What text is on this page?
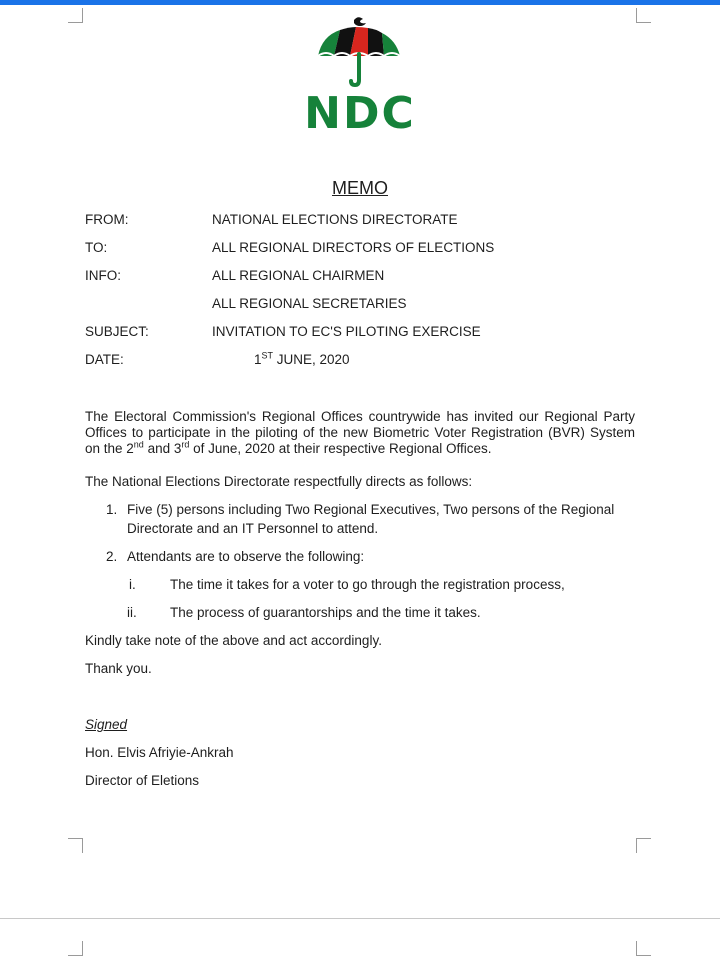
NDC
MEMO
FROM:	NATIONAL ELECTIONS DIRECTORATE
TO:	ALL REGIONAL DIRECTORS OF ELECTIONS
INFO:	ALL REGIONAL CHAIRMEN
ALL REGIONAL SECRETARIES
SUBJECT:	INVITATION TO EC'S PILOTING EXERCISE
DATE:	1ST JUNE, 2020
The Electoral Commission's Regional Offices countrywide has invited our Regional Party Offices to participate in the piloting of the new Biometric Voter Registration (BVR) System on the 2nd and 3rd of June, 2020 at their respective Regional Offices.
The National Elections Directorate respectfully directs as follows:
1. Five (5) persons including Two Regional Executives, Two persons of the Regional
Directorate and an IT Personnel to attend.
2. Attendants are to observe the following:
i.	The time it takes for a voter to go through the registration process,
ii. The process of guarantorships and the time it takes.
Kindly take note of the above and act accordingly.
Thank you.
Signed
Hon. Elvis Afriyie-Ankrah
Director of Eletions
